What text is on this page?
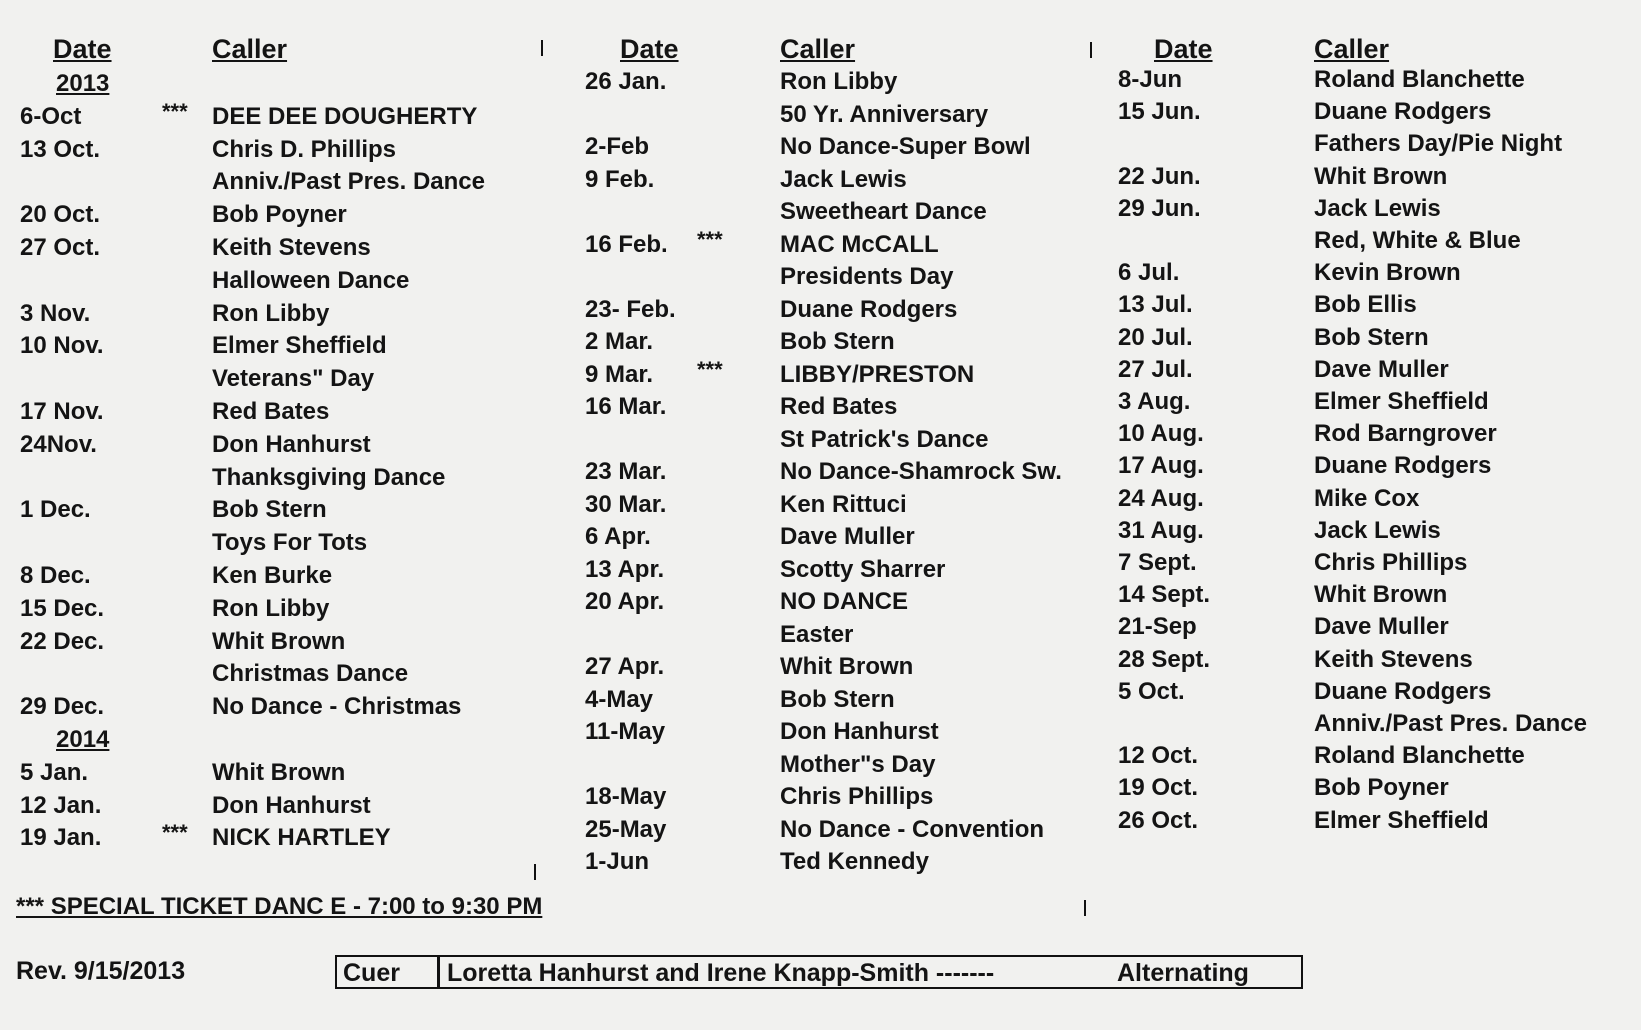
Date	Caller
2013
6-Oct	*** DEE DEE DOUGHERTY
13 Oct.	Chris D. Phillips
Anniv./Past Pres. Dance
20 Oct.	Bob Poyner
27 Oct.	Keith Stevens
Halloween Dance
3 Nov.	Ron Libby
10 Nov.	Elmer Sheffield
Veterans" Day
17 Nov.	Red Bates
24Nov.	Don Hanhurst
Thanksgiving Dance
1 Dec.	Bob Stern
Toys For Tots
8 Dec.	Ken Burke
15 Dec.	Ron Libby
22 Dec.	Whit Brown
Christmas Dance
29 Dec.	No Dance - Christmas
2014
5 Jan.	Whit Brown
12 Jan.	Don Hanhurst
19 Jan.	*** NICK HARTLEY
Date	Caller
26 Jan.	Ron Libby
50 Yr. Anniversary
2-Feb	No Dance-Super Bowl
9 Feb.	Jack Lewis
Sweetheart Dance
16 Feb. *** MAC McCALL
Presidents Day
23- Feb.	Duane Rodgers
2 Mar.	Bob Stern
9 Mar. *** LIBBY/PRESTON
16 Mar.	Red Bates
St Patrick's Dance
23 Mar.	No Dance-Shamrock Sw.
30 Mar.	Ken Rittuci
6 Apr.	Dave Muller
13 Apr.	Scotty Sharrer
20 Apr.	NO DANCE
Easter
27 Apr.	Whit Brown
4-May	Bob Stern
11-May	Don Hanhurst
Mother"s Day
18-May	Chris Phillips
25-May	No Dance - Convention
1-Jun	Ted Kennedy
Date	Caller
8-Jun	Roland Blanchette
15 Jun.	Duane Rodgers
Fathers Day/Pie Night
22 Jun.	Whit Brown
29 Jun.	Jack Lewis
Red, White & Blue
6 Jul.	Kevin Brown
13 Jul.	Bob Ellis
20 Jul.	Bob Stern
27 Jul.	Dave Muller
3 Aug.	Elmer Sheffield
10 Aug.	Rod Barngrover
17 Aug.	Duane Rodgers
24 Aug.	Mike Cox
31 Aug.	Jack Lewis
7 Sept.	Chris Phillips
14 Sept.	Whit Brown
21-Sep	Dave Muller
28 Sept.	Keith Stevens
5 Oct.	Duane Rodgers
Anniv./Past Pres. Dance
12 Oct.	Roland Blanchette
19 Oct.	Bob Poyner
26 Oct.	Elmer Sheffield
*** SPECIAL TICKET DANC E - 7:00 to 9:30 PM
Rev. 9/15/2013	Cuer Loretta Hanhurst and Irene Knapp-Smith -------	Alternating
